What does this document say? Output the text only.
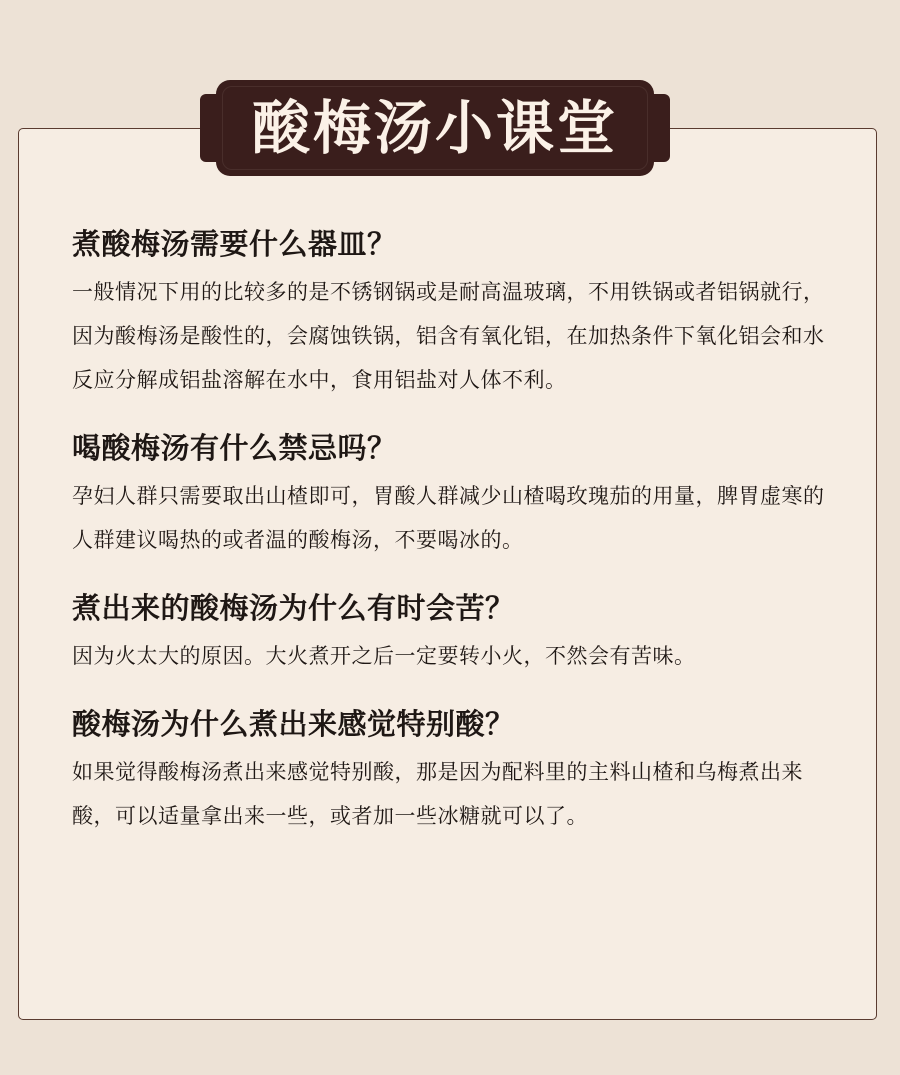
酸梅汤小课堂

煮酸梅汤需要什么器皿？

一般情况下用的比较多的是不锈钢锅或是耐高温玻璃，不用铁锅或者铝锅就行，因为酸梅汤是酸性的，会腐蚀铁锅，铝含有氧化铝，在加热条件下氧化铝会和水反应分解成铝盐溶解在水中，食用铝盐对人体不利。

喝酸梅汤有什么禁忌吗？

孕妇人群只需要取出山楂即可，胃酸人群减少山楂喝玫瑰茄的用量，脾胃虚寒的人群建议喝热的或者温的酸梅汤，不要喝冰的。

煮出来的酸梅汤为什么有时会苦？

因为火太大的原因。大火煮开之后一定要转小火，不然会有苦味。

酸梅汤为什么煮出来感觉特别酸？

如果觉得酸梅汤煮出来感觉特别酸，那是因为配料里的主料山楂和乌梅煮出来酸，可以适量拿出来一些，或者加一些冰糖就可以了。
